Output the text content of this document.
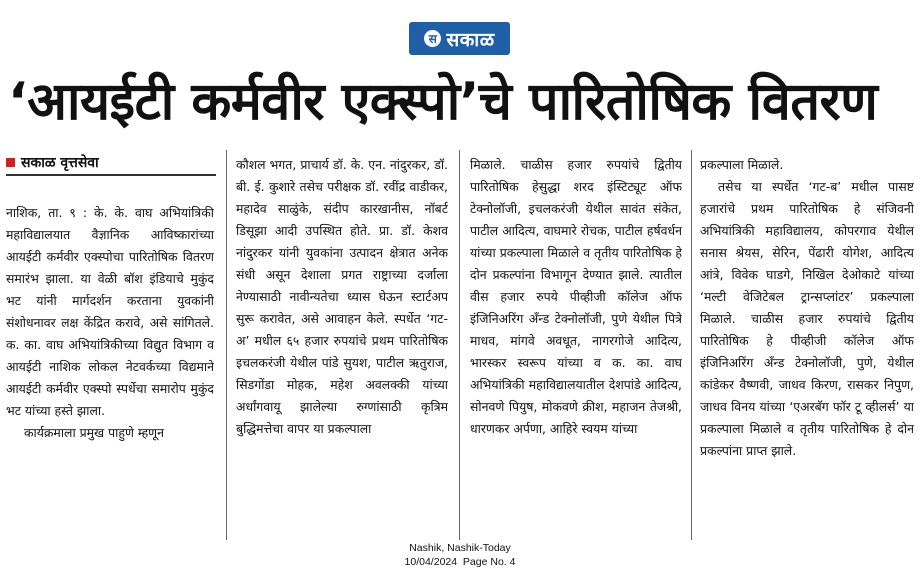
स सकाळ
‘आयईटी कर्मवीर एक्स्पो’चे पारितोषिक वितरण
सकाळ वृत्तसेवा

नाशिक, ता. ९ : के. के. वाघ अभियांत्रिकी महाविद्यालयात वैज्ञानिक आविष्कारांच्या आयईटी कर्मवीर एक्स्पोचा पारितोषिक वितरण समारंभ झाला. या वेळी बॉश इंडियाचे मुकुंद भट यांनी मार्गदर्शन करताना युवकांनी संशोधनावर लक्ष केंद्रित करावे, असे सांगितले. क. का. वाघ अभियांत्रिकीच्या विद्युत विभाग व आयईटी नाशिक लोकल नेटवर्कच्या विद्यमाने आयईटी कर्मवीर एक्स्पो स्पर्धेचा समारोप मुकुंद भट यांच्या हस्ते झाला.

कार्यक्रमाला प्रमुख पाहुणे म्हणून

कौशल भगत, प्राचार्य डॉ. के. एन. नांदुरकर, डॉ. बी. ई. कुशारे तसेच परीक्षक डॉ. रवींद्र वाडीकर, महादेव साळुंके, संदीप कारखानीस, नॉबर्ट डिसूझा आदी उपस्थित होते. प्रा. डॉ. केशव नांदुरकर यांनी युवकांना उत्पादन क्षेत्रात अनेक संधी असून देशाला प्रगत राष्ट्राच्या दर्जाला नेण्यासाठी नावीन्यतेचा ध्यास घेऊन स्टार्टअप सुरू करावेत, असे आवाहन केले. स्पर्धेत ‘गट-अ’ मधील ६५ हजार रुपयांचे प्रथम पारितोषिक इचलकरंजी येथील पांडे सुयश, पाटील ऋतुराज, सिडगोंडा मोहक, महेश अवलक्की यांच्या अर्धांगवायू झालेल्या रुग्णांसाठी कृत्रिम बुद्धिमत्तेचा वापर या प्रकल्पाला

मिळाले. चाळीस हजार रुपयांचे द्वितीय पारितोषिक हेसुद्धा शरद इंस्टिट्यूट ऑफ टेक्नोलॉजी, इचलकरंजी येथील सावंत संकेत, पाटील आदित्य, वाघमारे रोचक, पाटील हर्षवर्धन यांच्या प्रकल्पाला मिळाले व तृतीय पारितोषिक हे दोन प्रकल्पांना विभागून देण्यात झाले. त्यातील वीस हजार रुपये पीव्हीजी कॉलेज ऑफ इंजिनिअरिंग अँन्ड टेक्नोलॉजी, पुणे येथील पित्रे माधव, मांगवे अवधूत, नागरगोजे आदित्य, भारस्कर स्वरूप यांच्या व क. का. वाघ अभियांत्रिकी महाविद्यालयातील देशपांडे आदित्य, सोनवणे पियुष, मोकवणे क्रीश, महाजन तेजश्री, धारणकर अर्पणा, आहिरे स्वयम यांच्या

प्रकल्पाला मिळाले.

तसेच या स्पर्धेत ‘गट-ब’ मधील पासष्ट हजारांचे प्रथम पारितोषिक हे संजिवनी अभियांत्रिकी महाविद्यालय, कोपरगाव येथील सनास श्रेयस, सेरिन, पेंढारी योगेश, आदित्य आंत्रे, विवेक घाडगे, निखिल देओकाटे यांच्या ‘मल्टी वेजिटेबल ट्रान्सप्लांटर’ प्रकल्पाला मिळाले. चाळीस हजार रुपयांचे द्वितीय पारितोषिक हे पीव्हीजी कॉलेज ऑफ इंजिनिअरिंग अँन्ड टेक्नोलॉजी, पुणे, येथील कांडेकर वैष्णवी, जाधव किरण, रासकर निपुण, जाधव विनय यांच्या ‘एअरबॅग फॉर टू व्हीलर्स’ या प्रकल्पाला मिळाले व तृतीय पारितोषिक हे दोन प्रकल्पांना प्राप्त झाले.

Nashik, Nashik-Today
10/04/2024  Page No. 4
